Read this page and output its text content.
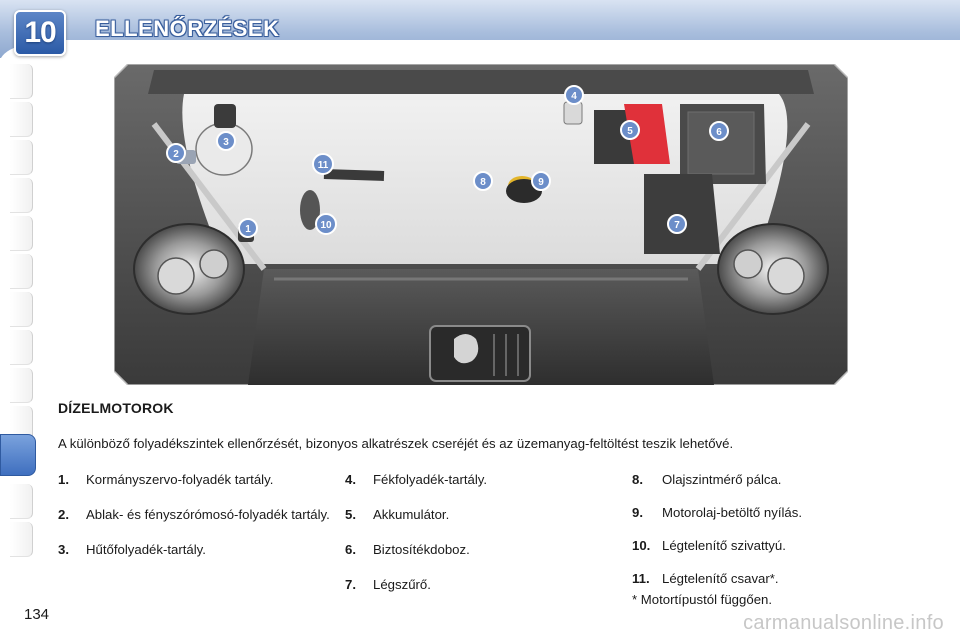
10 ELLENŐRZÉSEK
1
2
3
4
5	6
7
8	9
10
11
DÍZELMOTOROK
A különböző folyadékszintek ellenőrzését, bizonyos alkatrészek cseréjét és az üzemanyag-feltöltést teszik lehetővé.
1.	Kormányszervo-folyadék tartály.
2.	Ablak- és fényszórómosó-folyadék tartály.
3.	Hűtőfolyadék-tartály.
4.	Fékfolyadék-tartály.
5.	Akkumulátor.
6.	Biztosítékdoboz.
7.	Légszűrő.
8.	Olajszintmérő pálca.
9.	Motorolaj-betöltő nyílás.
10. Légtelenítő szivattyú.
11. Légtelenítő csavar*.
* Motortípustól függően.
134	carmanualsonline.info
